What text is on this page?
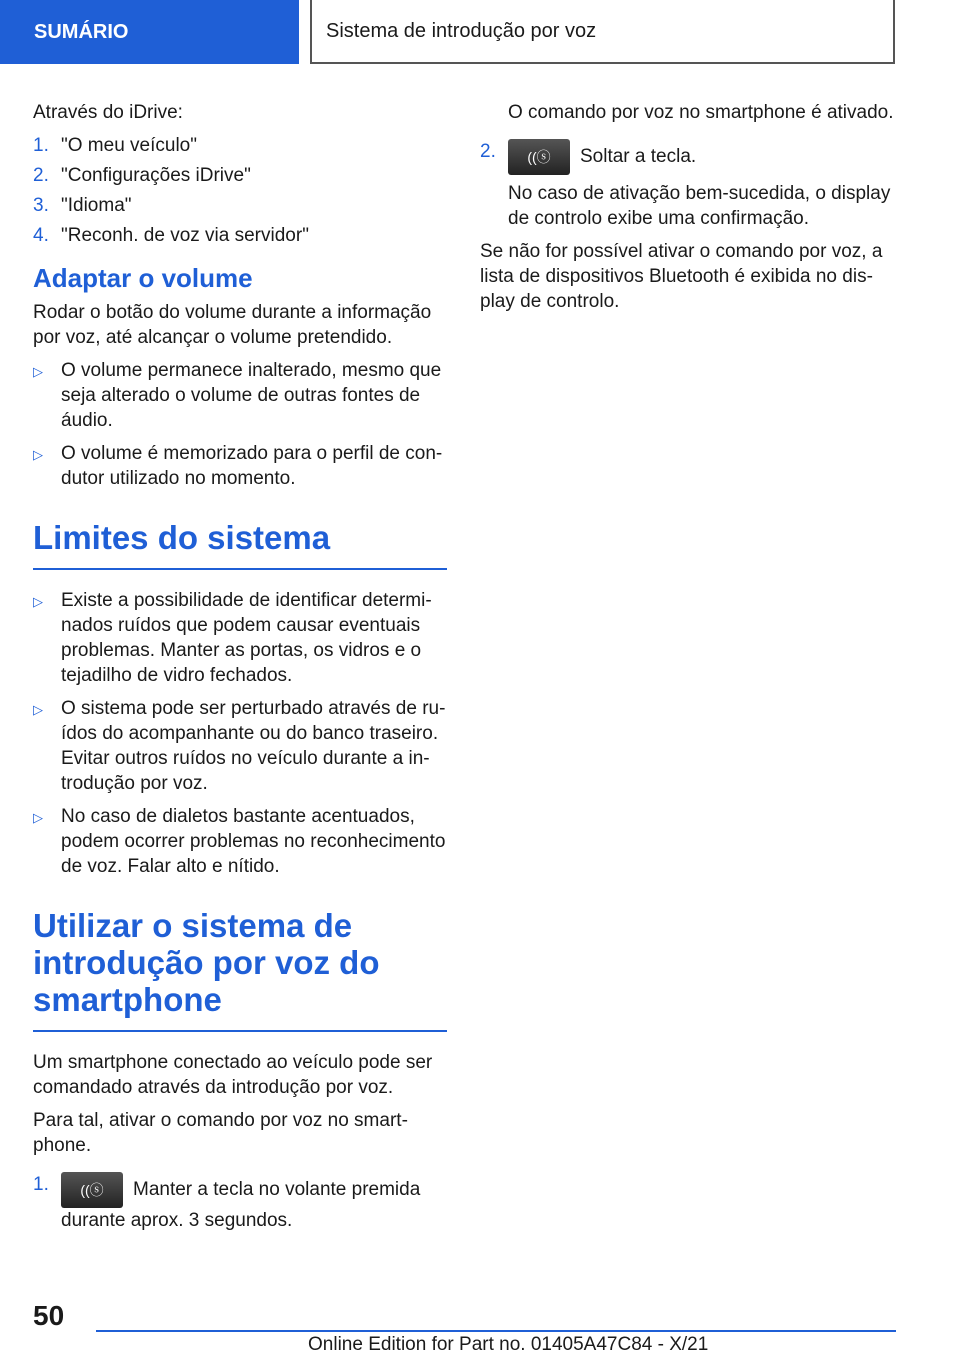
SUMÁRIO	Sistema de introdução por voz

Através do iDrive:

1. "O meu veículo"
2. "Configurações iDrive"
3. "Idioma"
4. "Reconh. de voz via servidor"
Adaptar o volume

Rodar o botão do volume durante a informação por voz, até alcançar o volume pretendido.

▷ O volume permanece inalterado, mesmo que seja alterado o volume de outras fontes de áudio.
▷ O volume é memorizado para o perfil de condutor utilizado no momento.
Limites do sistema
▷ Existe a possibilidade de identificar determinados ruídos que podem causar eventuais problemas. Manter as portas, os vidros e o tejadilho de vidro fechados.
▷ O sistema pode ser perturbado através de ruídos do acompanhante ou do banco traseiro. Evitar outros ruídos no veículo durante a introdução por voz.
▷ No caso de dialetos bastante acentuados, podem ocorrer problemas no reconhecimento de voz. Falar alto e nítido.
Utilizar o sistema de introdução por voz do smartphone

Um smartphone conectado ao veículo pode ser comandado através da introdução por voz.

Para tal, ativar o comando por voz no smartphone.

1.	((ⓢ Manter a tecla no volante premida durante aprox. 3 segundos.

O comando por voz no smartphone é ativado.

2.	((ⓢ Soltar a tecla.

No caso de ativação bem-sucedida, o display de controlo exibe uma confirmação.

Se não for possível ativar o comando por voz, a lista de dispositivos Bluetooth é exibida no display de controlo.

50
Online Edition for Part no. 01405A47C84 - X/21
